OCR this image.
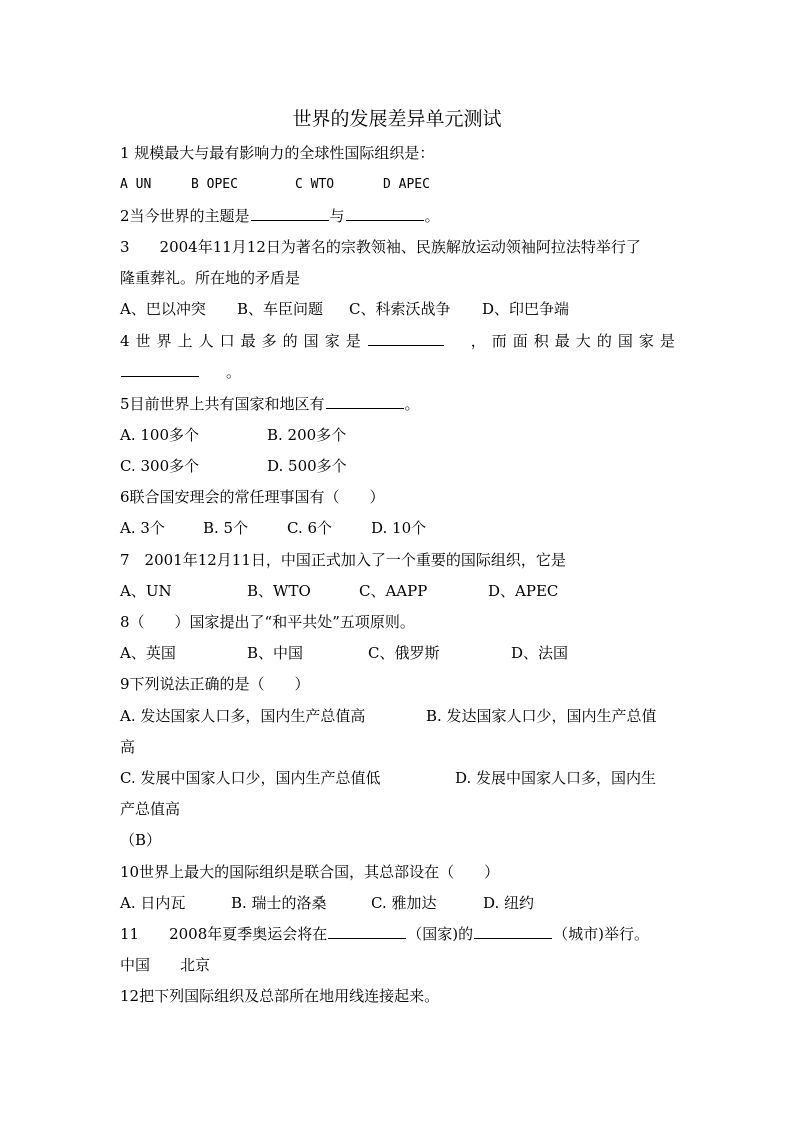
世界的发展差异单元测试
1 规模最大与最有影响力的全球性国际组织是：
A UN	B OPEC	C WTO	D APEC
2当今世界的主题是	与	。
3　　2004年11月12日为著名的宗教领袖、民族解放运动领袖阿拉法特举行了
隆重葬礼。所在地的矛盾是
A、巴以冲突 B、车臣问题 C、科索沃战争 D、印巴争端
4 世 界 上 人 口 最 多 的 国 家 是	， 而 面 积 最 大 的 国 家 是
。
5目前世界上共有国家和地区有	。
A. 100多个	B. 200多个
C. 300多个	D. 500多个
6联合国安理会的常任理事国有（　　）
A. 3个	B. 5个	C. 6个	D. 10个
7　2001年12月11日，中国正式加入了一个重要的国际组织，它是
A、UN	B、WTO	C、AAPP	D、APEC
8（　　）国家提出了“和平共处”五项原则。
A、英国	B、中国	C、俄罗斯	D、法国
9下列说法正确的是（　　）
A. 发达国家人口多，国内生产总值高	B. 发达国家人口少，国内生产总值
高
C. 发展中国家人口少，国内生产总值低	D. 发展中国家人口多，国内生
产总值高
（B）
10世界上最大的国际组织是联合国，其总部设在（　　）
A. 日内瓦	B. 瑞士的洛桑	C. 雅加达	D. 纽约
11　　2008年夏季奥运会将在	（国家)的	（城市)举行。
中国　　北京
12把下列国际组织及总部所在地用线连接起来。
